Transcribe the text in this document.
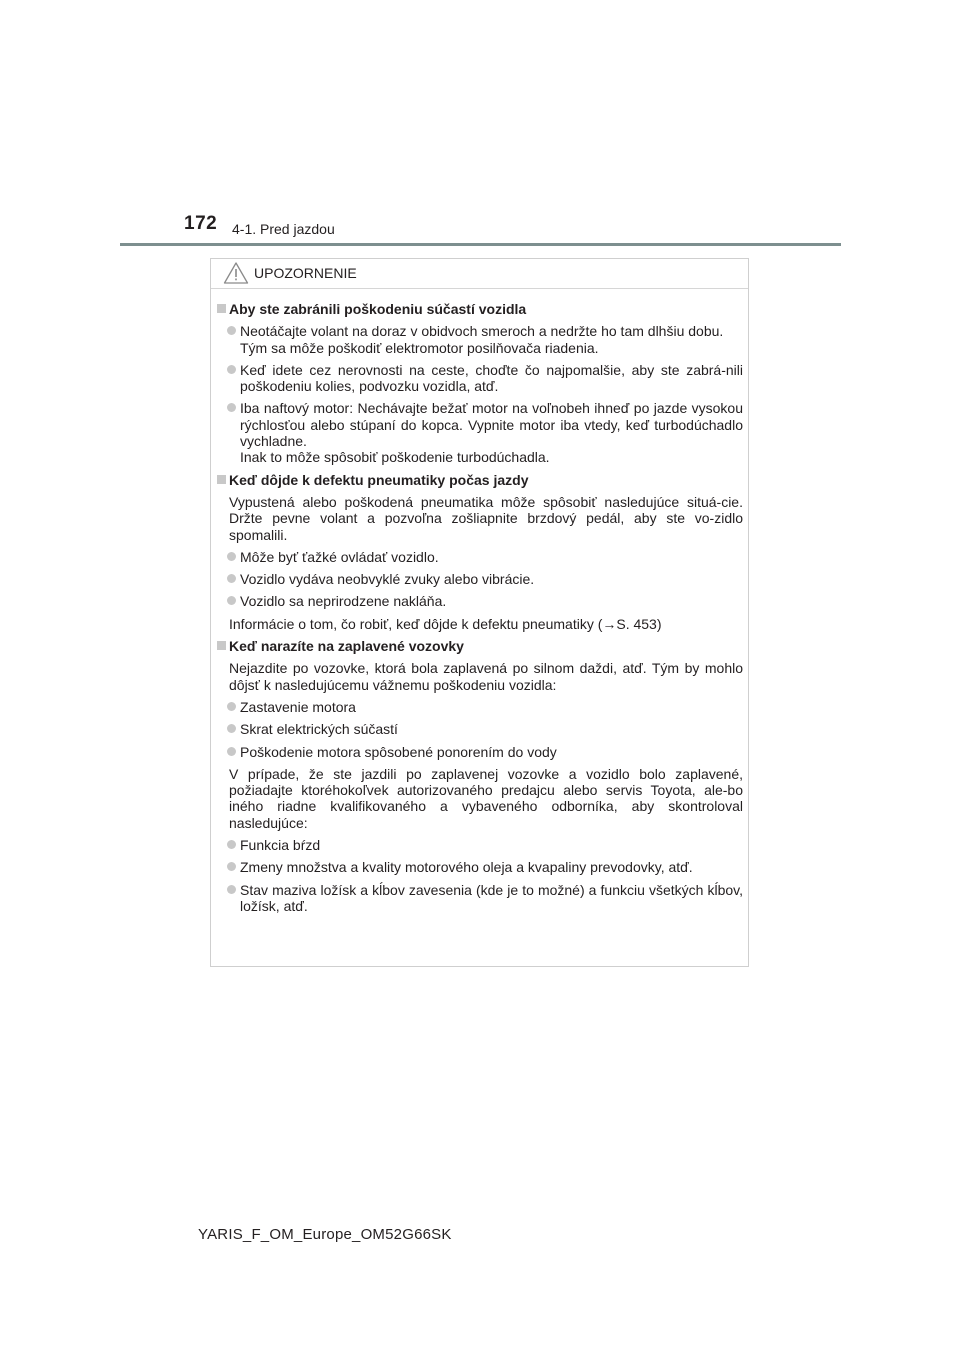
172 4-1. Pred jazdou
UPOZORNENIE
Aby ste zabránili poškodeniu súčastí vozidla
Neotáčajte volant na doraz v obidvoch smeroch a nedržte ho tam dlhšiu dobu.
Tým sa môže poškodiť elektromotor posilňovača riadenia.
Keď idete cez nerovnosti na ceste, choďte čo najpomalšie, aby ste zabrá-nili poškodeniu kolies, podvozku vozidla, atď.
Iba naftový motor: Nechávajte bežať motor na voľnobeh ihneď po jazde vysokou rýchlosťou alebo stúpaní do kopca. Vypnite motor iba vtedy, keď turbodúchadlo vychladne.
Inak to môže spôsobiť poškodenie turbodúchadla.
Keď dôjde k defektu pneumatiky počas jazdy
Vypustená alebo poškodená pneumatika môže spôsobiť nasledujúce situá-cie. Držte pevne volant a pozvoľna zošliapnite brzdový pedál, aby ste vo-zidlo spomalili.
Môže byť ťažké ovládať vozidlo.
Vozidlo vydáva neobvyklé zvuky alebo vibrácie.
Vozidlo sa neprirodzene nakláňa.
Informácie o tom, čo robiť, keď dôjde k defektu pneumatiky (→S. 453)
Keď narazíte na zaplavené vozovky
Nejazdite po vozovke, ktorá bola zaplavená po silnom daždi, atď. Tým by mohlo dôjsť k nasledujúcemu vážnemu poškodeniu vozidla:
Zastavenie motora
Skrat elektrických súčastí
Poškodenie motora spôsobené ponorením do vody
V prípade, že ste jazdili po zaplavenej vozovke a vozidlo bolo zaplavené, požiadajte ktoréhokoľvek autorizovaného predajcu alebo servis Toyota, ale-bo iného riadne kvalifikovaného a vybaveného odborníka, aby skontroloval nasledujúce:
Funkcia bŕzd
Zmeny množstva a kvality motorového oleja a kvapaliny prevodovky, atď.
Stav maziva ložísk a kĺbov zavesenia (kde je to možné) a funkciu všetkých kĺbov, ložísk, atď.
YARIS_F_OM_Europe_OM52G66SK
